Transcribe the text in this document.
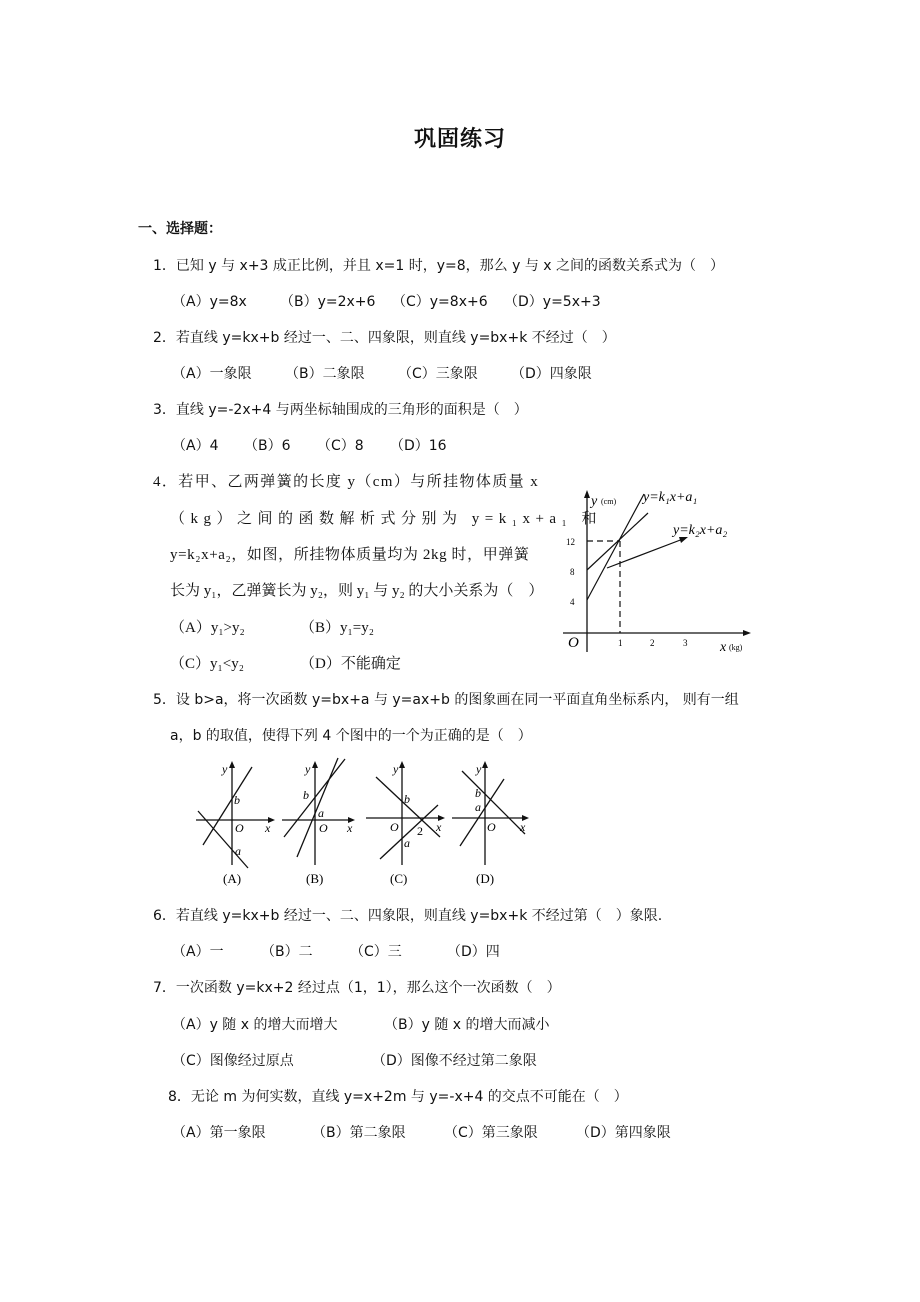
巩固练习
一、选择题：
1．已知 y 与 x+3 成正比例，并且 x=1 时，y=8，那么 y 与 x 之间的函数关系式为（　）
（A）y=8x （B）y=2x+6 （C）y=8x+6 （D）y=5x+3
2．若直线 y=kx+b 经过一、二、四象限，则直线 y=bx+k 不经过（　）
（A）一象限 （B）二象限 （C）三象限 （D）四象限
3．直线 y=-2x+4 与两坐标轴围成的三角形的面积是（　）
（A）4 （B）6 （C）8 （D）16
4．若甲、乙两弹簧的长度 y（cm）与所挂物体质量 x
（kg）之间的函数解析式分别为 y=k₁x+a₁ 和
y=k₂x+a₂，如图，所挂物体质量均为 2kg 时，甲弹簧
长为 y₁，乙弹簧长为 y₂，则 y₁ 与 y₂ 的大小关系为（　）
（A）y₁>y₂	（B）y₁=y₂
（C）y₁<y₂	（D）不能确定
y (cm) y=k₁x+a₁
y=k₂x+a₂
12
8
4
O	1	2	3 x (kg)
5．设 b>a，将一次函数 y=bx+a 与 y=ax+b 的图象画在同一平面直角坐标系内， 则有一组
a，b 的取值，使得下列 4 个图中的一个为正确的是（　）
y
x
O
b
a
(A)
y
x
O
b
a
(B)
y
x
O
b
a
2
(C)
y
x
O
b
a
(D)
6．若直线 y=kx+b 经过一、二、四象限，则直线 y=bx+k 不经过第（　）象限.
（A）一	（B）二	（C）三	（D）四
7．一次函数 y=kx+2 经过点（1，1），那么这个一次函数（　）
（A）y 随 x 的增大而增大	（B）y 随 x 的增大而减小
（C）图像经过原点	（D）图像不经过第二象限
8．无论 m 为何实数，直线 y=x+2m 与 y=-x+4 的交点不可能在（　）
（A）第一象限	（B）第二象限	（C）第三象限	（D）第四象限
